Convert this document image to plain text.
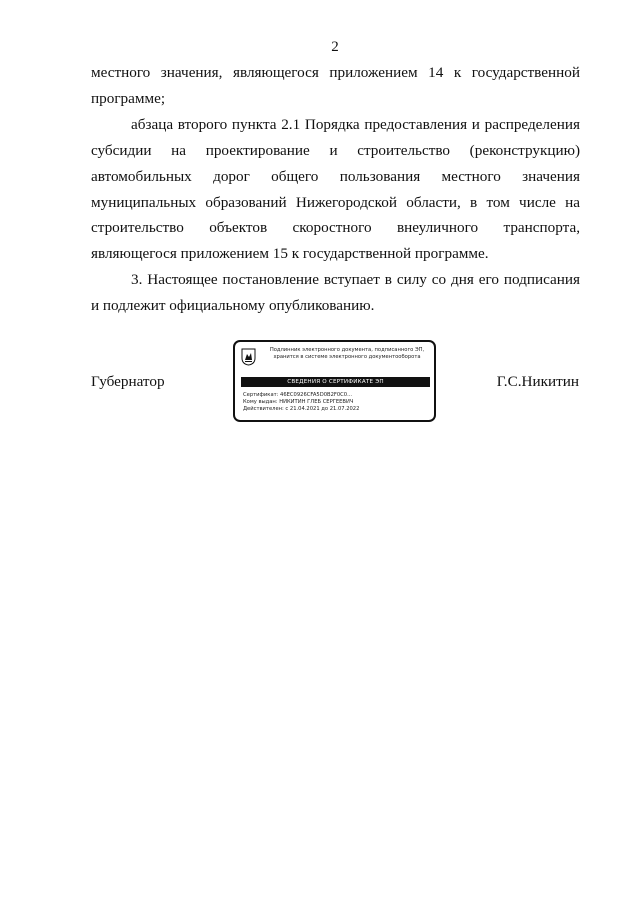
2

местного значения, являющегося приложением 14 к государственной программе;

абзаца второго пункта 2.1 Порядка предоставления и распределения субсидии на проектирование и строительство (реконструкцию) автомобильных дорог общего пользования местного значения муниципальных образований Нижегородской области, в том числе на строительство объектов скоростного внеуличного транспорта, являющегося приложением 15 к государственной программе.

3. Настоящее постановление вступает в силу со дня его подписания и подлежит официальному опубликованию.

Губернатор
Подлинник электронного документа, подписанного ЭП, хранится в системе электронного документооборота
СВЕДЕНИЯ О СЕРТИФИКАТЕ ЭП
Сертификат: 46EC0926CFA5D0B2F0C0...
Кому выдан: НИКИТИН ГЛЕБ СЕРГЕЕВИЧ
Действителен: с 21.04.2021 до 21.07.2022
Г.С.Никитин
